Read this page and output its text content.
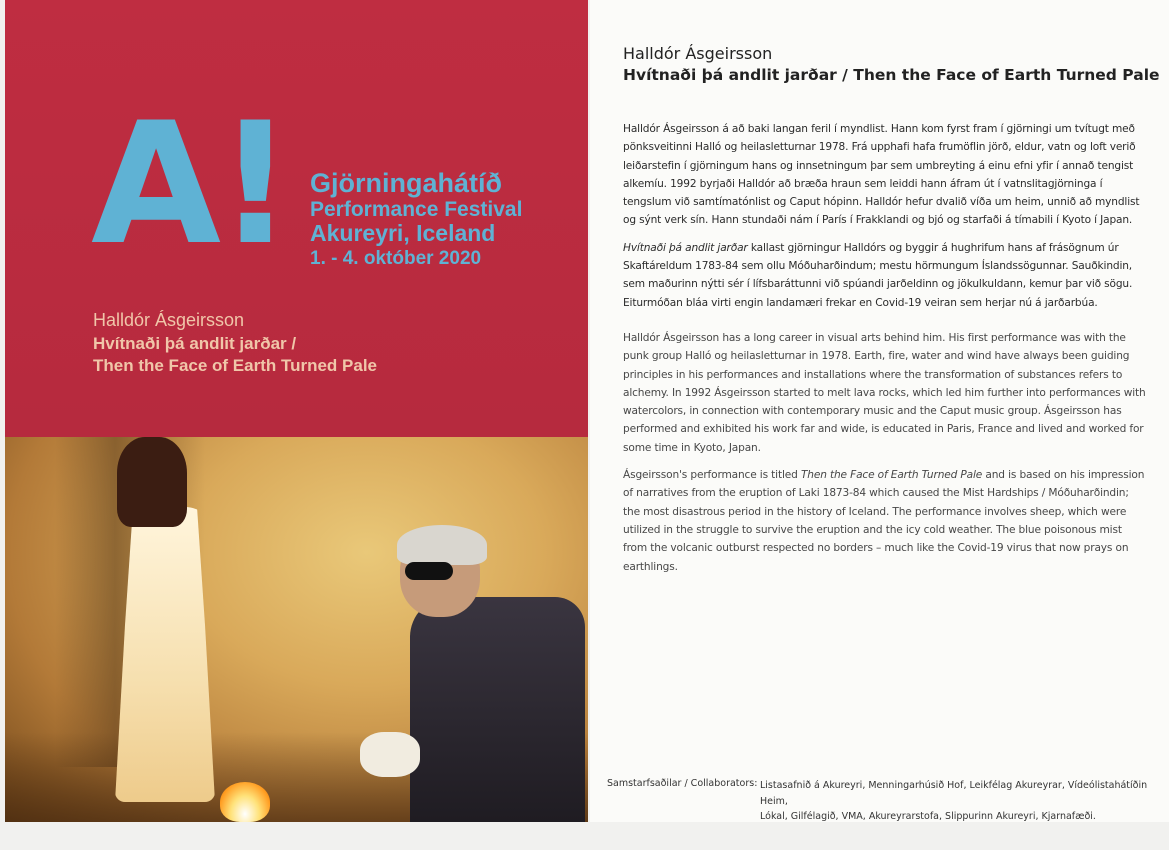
A! Gjörningahátíð
Performance Festival
Akureyri, Iceland
1. - 4. október 2020
Halldór Ásgeirsson
Hvítnaði þá andlit jarðar /
Then the Face of Earth Turned Pale
Halldór Ásgeirsson
Hvítnaði þá andlit jarðar / Then the Face of Earth Turned Pale

Halldór Ásgeirsson á að baki langan feril í myndlist. Hann kom fyrst fram í gjörningi um tvítugt með pönksveitinni Halló og heilasletturnar 1978. Frá upphafi hafa frumöflin jörð, eldur, vatn og loft verið leiðarstefin í gjörningum hans og innsetningum þar sem umbreyting á einu efni yfir í annað tengist alkemíu. 1992 byrjaði Halldór að bræða hraun sem leiddi hann áfram út í vatnslitagjörninga í tengslum við samtímatónlist og Caput hópinn. Halldór hefur dvalið víða um heim, unnið að myndlist og sýnt verk sín. Hann stundaði nám í París í Frakklandi og bjó og starfaði á tímabili í Kyoto í Japan.

Hvítnaði þá andlit jarðar kallast gjörningur Halldórs og byggir á hughrifum hans af frásögnum úr Skaftáreldum 1783-84 sem ollu Móðuharðindum; mestu hörmungum Íslandssögunnar. Sauðkindin, sem maðurinn nýtti sér í lífsbaráttunni við spúandi jarðeldinn og jökulkuldann, kemur þar við sögu. Eiturmóðan bláa virti engin landamæri frekar en Covid-19 veiran sem herjar nú á jarðarbúa.

Halldór Ásgeirsson has a long career in visual arts behind him. His first performance was with the punk group Halló og heilasletturnar in 1978. Earth, fire, water and wind have always been guiding principles in his performances and installations where the transformation of substances refers to alchemy. In 1992 Ásgeirsson started to melt lava rocks, which led him further into performances with watercolors, in connection with contemporary music and the Caput music group. Ásgeirsson has performed and exhibited his work far and wide, is educated in Paris, France and lived and worked for some time in Kyoto, Japan.

Ásgeirsson's performance is titled Then the Face of Earth Turned Pale and is based on his impression of narratives from the eruption of Laki 1873-84 which caused the Mist Hardships / Móðuharðindin; the most disastrous period in the history of Iceland. The performance involves sheep, which were utilized in the struggle to survive the eruption and the icy cold weather. The blue poisonous mist from the volcanic outburst respected no borders – much like the Covid-19 virus that now prays on earthlings.

Samstarfsaðilar / Collaborators: Listasafnið á Akureyri, Menningarhúsið Hof, Leikfélag Akureyrar, Vídeólistahátíðin Heim,
Lókal, Gilfélagið, VMA, Akureyrarstofa, Slippurinn Akureyri, Kjarnafæði.
